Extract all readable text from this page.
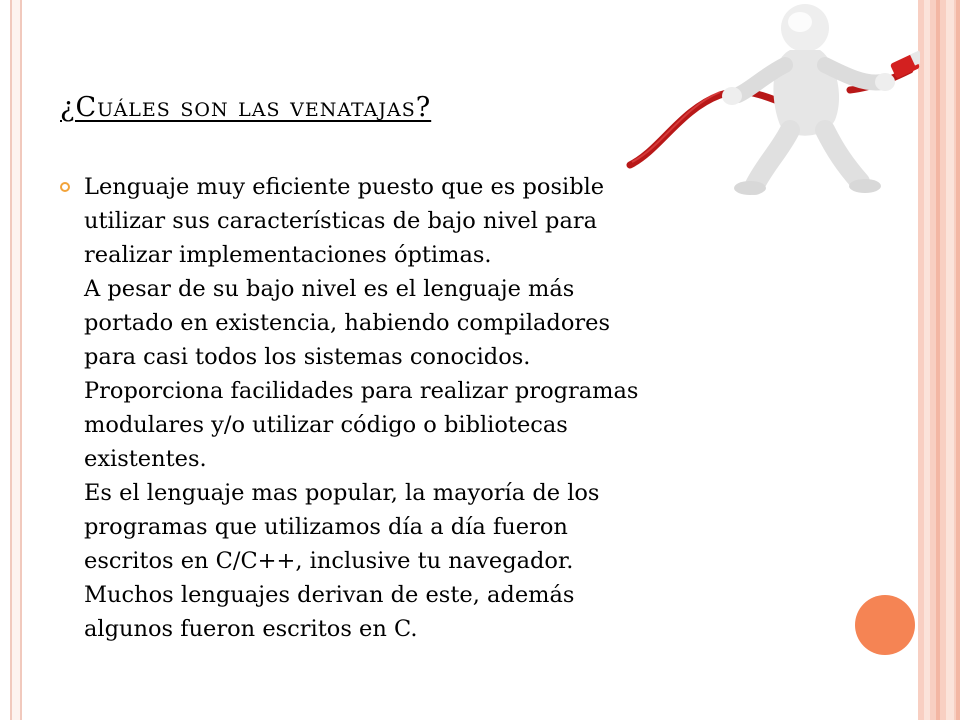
¿Cuáles son las venatajas?

Lenguaje muy eficiente puesto que es posible
utilizar sus características de bajo nivel para
realizar implementaciones óptimas.
A pesar de su bajo nivel es el lenguaje más
portado en existencia, habiendo compiladores
para casi todos los sistemas conocidos.
Proporciona facilidades para realizar programas
modulares y/o utilizar código o bibliotecas
existentes.
Es el lenguaje mas popular, la mayoría de los
programas que utilizamos día a día fueron
escritos en C/C++, inclusive tu navegador.
Muchos lenguajes derivan de este, además
algunos fueron escritos en C.
